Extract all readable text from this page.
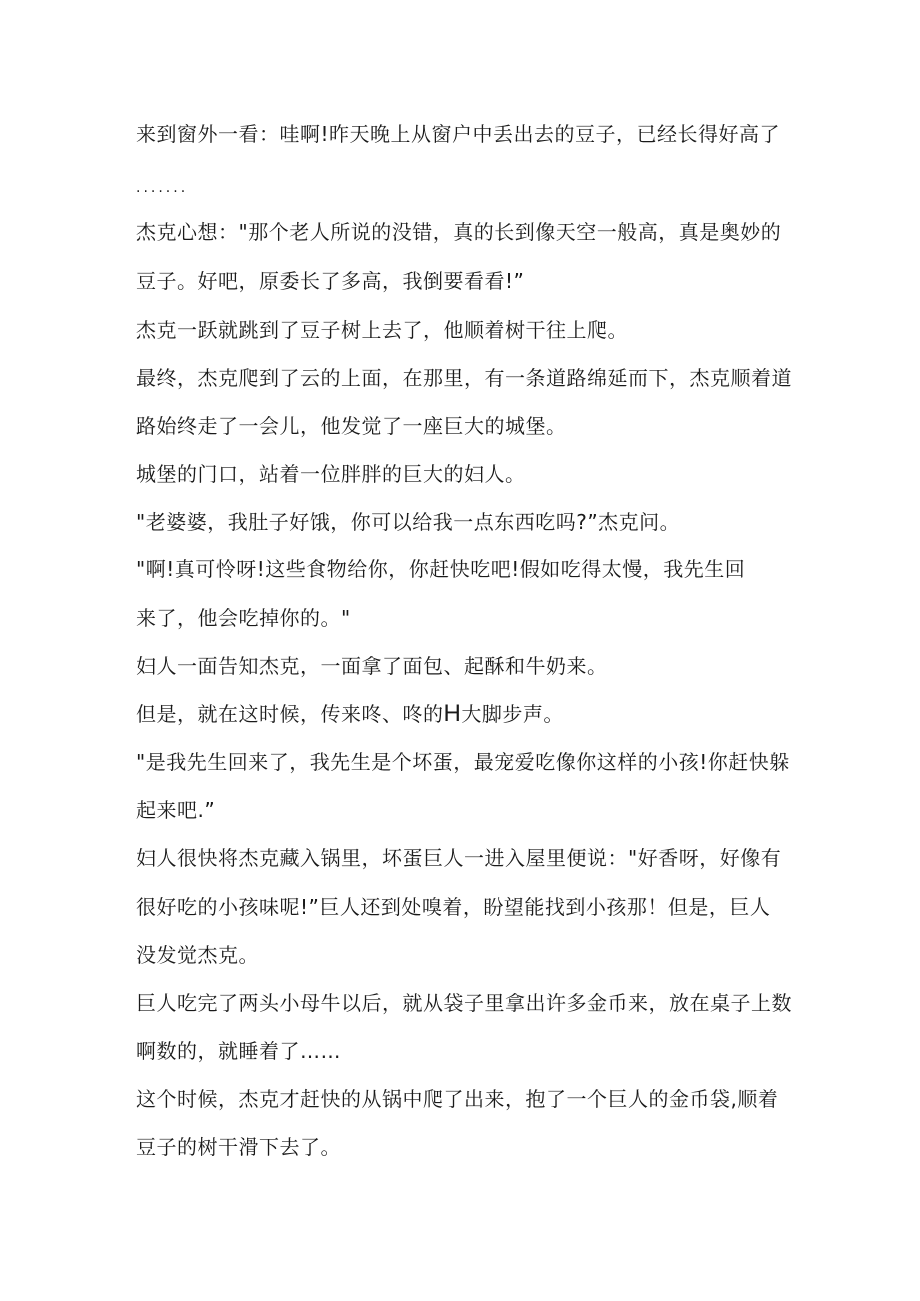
来到窗外一看：哇啊!昨天晚上从窗户中丢出去的豆子，已经长得好高了
.......
杰克心想："那个老人所说的没错，真的长到像天空一般高，真是奥妙的
豆子。好吧，原委长了多高，我倒要看看!”
杰克一跃就跳到了豆子树上去了，他顺着树干往上爬。
最终，杰克爬到了云的上面，在那里，有一条道路绵延而下，杰克顺着道
路始终走了一会儿，他发觉了一座巨大的城堡。
城堡的门口，站着一位胖胖的巨大的妇人。
"老婆婆，我肚子好饿，你可以给我一点东西吃吗?”杰克问。
"啊!真可怜呀!这些食物给你，你赶快吃吧!假如吃得太慢，我先生回
来了，他会吃掉你的。"
妇人一面告知杰克，一面拿了面包、起酥和牛奶来。
但是，就在这时候，传来咚、咚的H大脚步声。
"是我先生回来了，我先生是个坏蛋，最宠爱吃像你这样的小孩!你赶快躲
起来吧.”
妇人很快将杰克藏入锅里，坏蛋巨人一进入屋里便说："好香呀，好像有
很好吃的小孩味呢!”巨人还到处嗅着，盼望能找到小孩那！但是，巨人
没发觉杰克。
巨人吃完了两头小母牛以后，就从袋子里拿出许多金币来，放在桌子上数
啊数的，就睡着了……
这个时候，杰克才赶快的从锅中爬了出来，抱了一个巨人的金币袋,顺着
豆子的树干滑下去了。
